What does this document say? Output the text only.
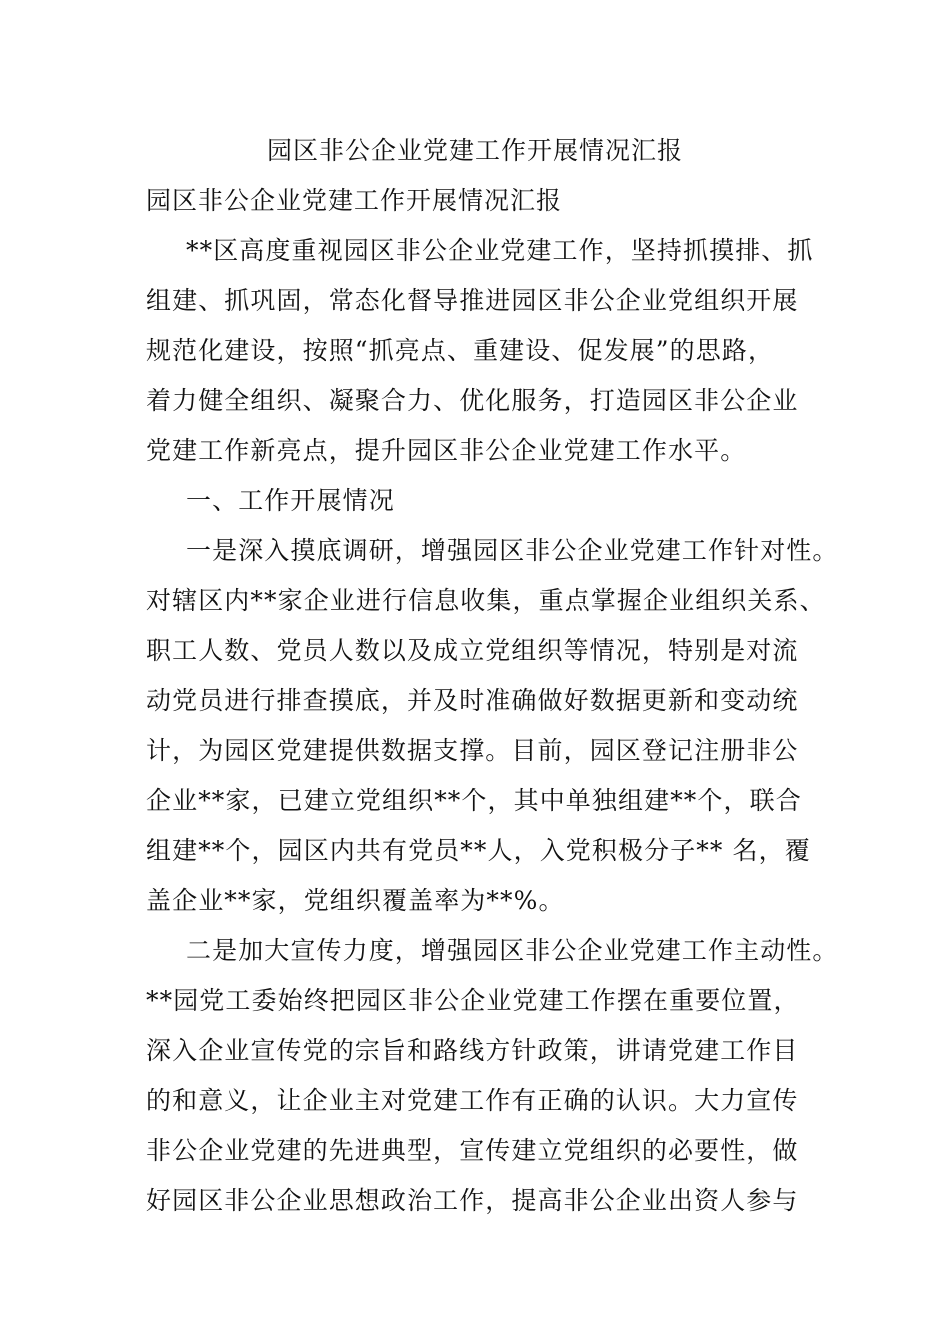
园区非公企业党建工作开展情况汇报
园区非公企业党建工作开展情况汇报
**区高度重视园区非公企业党建工作，坚持抓摸排、抓
组建、抓巩固，常态化督导推进园区非公企业党组织开展
规范化建设，按照“抓亮点、重建设、促发展”的思路，
着力健全组织、凝聚合力、优化服务，打造园区非公企业
党建工作新亮点，提升园区非公企业党建工作水平。
一、工作开展情况
一是深入摸底调研，增强园区非公企业党建工作针对性。
对辖区内**家企业进行信息收集，重点掌握企业组织关系、
职工人数、党员人数以及成立党组织等情况，特别是对流
动党员进行排查摸底，并及时准确做好数据更新和变动统
计，为园区党建提供数据支撑。目前，园区登记注册非公
企业**家，已建立党组织**个，其中单独组建**个，联合
组建**个，园区内共有党员**人，入党积极分子** 名，覆
盖企业**家，党组织覆盖率为**%。
二是加大宣传力度，增强园区非公企业党建工作主动性。
**园党工委始终把园区非公企业党建工作摆在重要位置，
深入企业宣传党的宗旨和路线方针政策，讲请党建工作目
的和意义，让企业主对党建工作有正确的认识。大力宣传
非公企业党建的先进典型，宣传建立党组织的必要性，做
好园区非公企业思想政治工作，提高非公企业出资人参与
